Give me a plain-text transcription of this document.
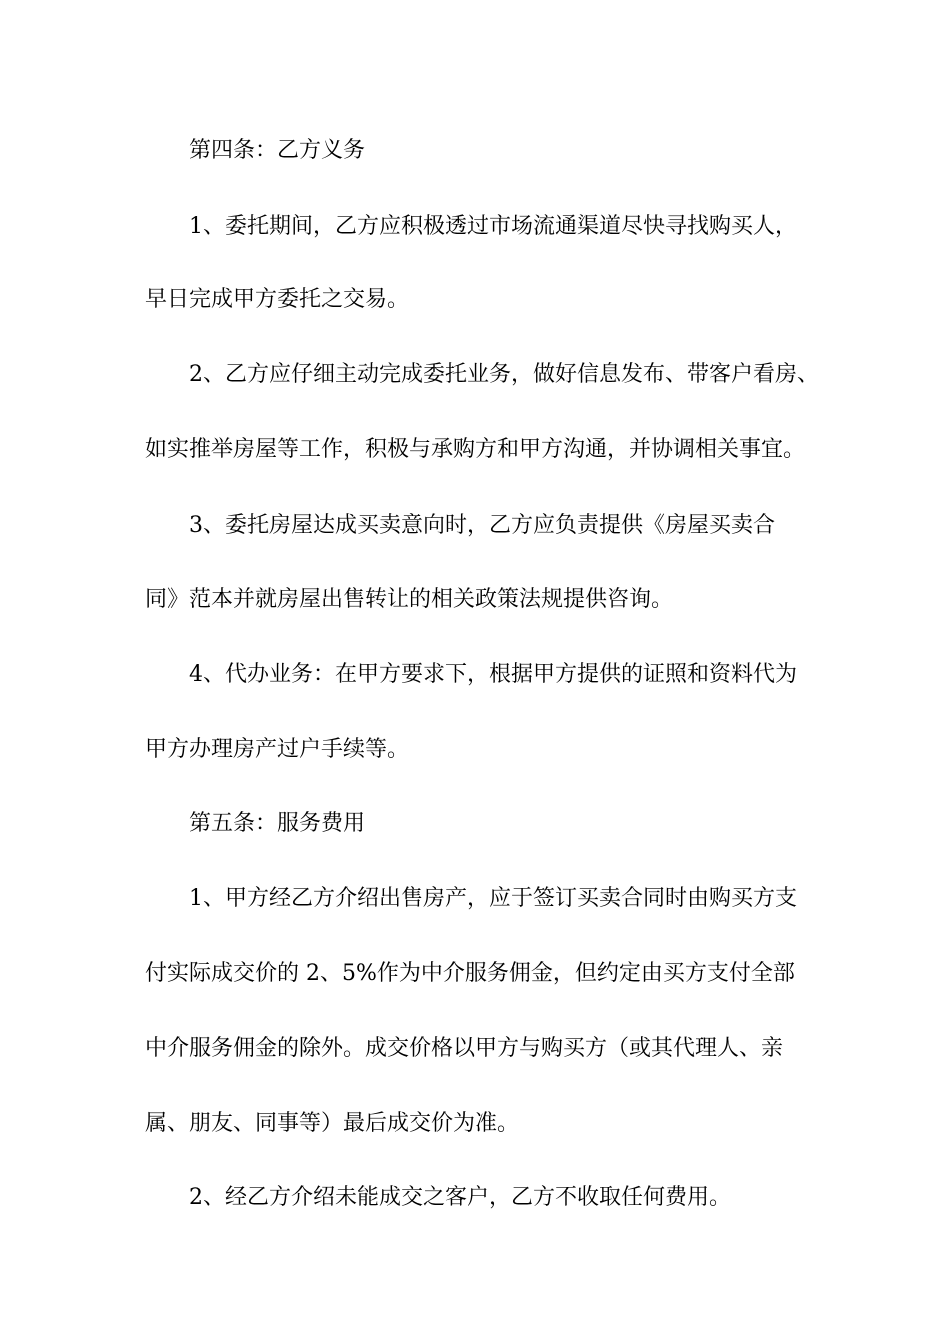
第四条：乙方义务
1、委托期间，乙方应积极透过市场流通渠道尽快寻找购买人，
早日完成甲方委托之交易。
2、乙方应仔细主动完成委托业务，做好信息发布、带客户看房、
如实推举房屋等工作，积极与承购方和甲方沟通，并协调相关事宜。
3、委托房屋达成买卖意向时，乙方应负责提供《房屋买卖合
同》范本并就房屋出售转让的相关政策法规提供咨询。
4、代办业务：在甲方要求下，根据甲方提供的证照和资料代为
甲方办理房产过户手续等。
第五条：服务费用
1、甲方经乙方介绍出售房产，应于签订买卖合同时由购买方支
付实际成交价的 2、5%作为中介服务佣金，但约定由买方支付全部
中介服务佣金的除外。成交价格以甲方与购买方（或其代理人、亲
属、朋友、同事等）最后成交价为准。
2、经乙方介绍未能成交之客户，乙方不收取任何费用。
